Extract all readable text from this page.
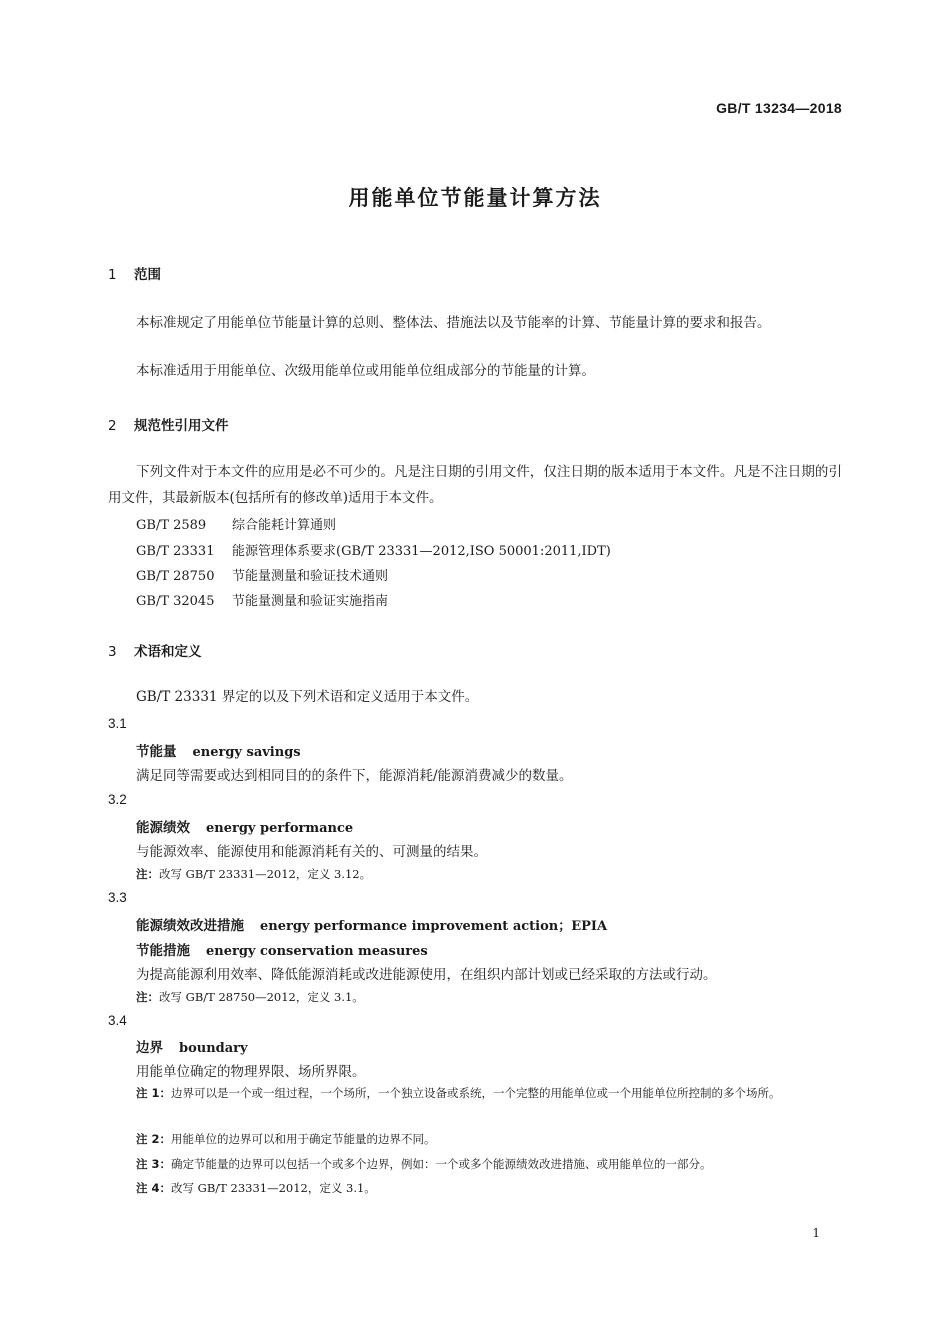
GB/T 13234—2018
用能单位节能量计算方法
1 范围

本标准规定了用能单位节能量计算的总则、整体法、措施法以及节能率的计算、节能量计算的要求和报告。

本标准适用于用能单位、次级用能单位或用能单位组成部分的节能量的计算。

2 规范性引用文件

下列文件对于本文件的应用是必不可少的。凡是注日期的引用文件，仅注日期的版本适用于本文件。凡是不注日期的引用文件，其最新版本(包括所有的修改单)适用于本文件。

GB/T 2589 综合能耗计算通则
GB/T 23331 能源管理体系要求(GB/T 23331—2012,ISO 50001:2011,IDT)
GB/T 28750 节能量测量和验证技术通则
GB/T 32045 节能量测量和验证实施指南
3 术语和定义

GB/T 23331 界定的以及下列术语和定义适用于本文件。

3.1
节能量 energy savings
满足同等需要或达到相同目的的条件下，能源消耗/能源消费减少的数量。
3.2
能源绩效 energy performance
与能源效率、能源使用和能源消耗有关的、可测量的结果。
注：改写 GB/T 23331—2012，定义 3.12。
3.3
能源绩效改进措施 energy performance improvement action；EPIA
节能措施 energy conservation measures
为提高能源利用效率、降低能源消耗或改进能源使用，在组织内部计划或已经采取的方法或行动。
注：改写 GB/T 28750—2012，定义 3.1。
3.4
边界 boundary
用能单位确定的物理界限、场所界限。
注 1：边界可以是一个或一组过程，一个场所，一个独立设备或系统，一个完整的用能单位或一个用能单位所控制的多个场所。
注 2：用能单位的边界可以和用于确定节能量的边界不同。
注 3：确定节能量的边界可以包括一个或多个边界，例如：一个或多个能源绩效改进措施、或用能单位的一部分。
注 4：改写 GB/T 23331—2012，定义 3.1。
1
